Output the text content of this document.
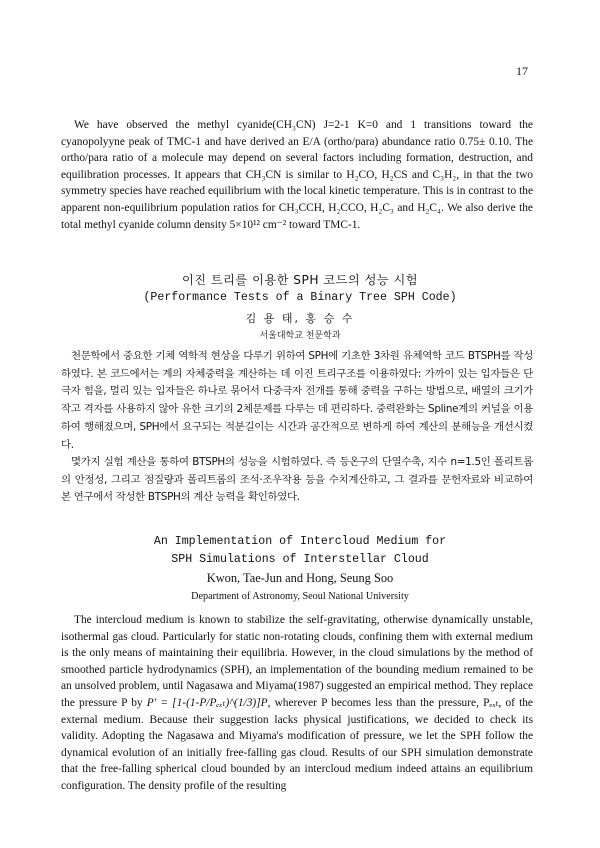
17

We have observed the methyl cyanide(CH₃CN) J=2-1 K=0 and 1 transitions toward the cyanopolyyne peak of TMC-1 and have derived an E/A (ortho/para) abundance ratio 0.75± 0.10. The ortho/para ratio of a molecule may depend on several factors including formation, destruction, and equilibration processes. It appears that CH₃CN is similar to H₂CO, H₂CS and C₃H₂, in that the two symmetry species have reached equilibrium with the local kinetic temperature. This is in contrast to the apparent non-equilibrium population ratios for CH₃CCH, H₂CCO, H₂C₃ and H₂C₄. We also derive the total methyl cyanide column density 5×10¹² cm⁻² toward TMC-1.

이진 트리를 이용한 SPH 코드의 성능 시험
(Performance Tests of a Binary Tree SPH Code)
김 용 태, 홍 승 수
서울대학교 천문학과

천문학에서 중요한 기체 역학적 현상을 다루기 위하여 SPH에 기초한 3차원 유체역학 코드 BTSPH를 작성하였다. 본 코드에서는 계의 자체중력을 계산하는 데 이진 트리구조를 이용하였다: 가까이 있는 입자들은 단극자 힘을, 멀리 있는 입자들은 하나로 묶어서 다중극자 전개를 통해 중력을 구하는 방법으로, 배열의 크기가 작고 격자를 사용하지 않아 유한 크기의 2체문제를 다루는 데 편리하다. 중력완화는 Spline계의 커널을 이용하여 행해졌으며, SPH에서 요구되는 적분길이는 시간과 공간적으로 변하게 하여 계산의 분해능을 개선시켰다.

몇가지 실험 계산을 통하여 BTSPH의 성능을 시험하였다. 즉 등온구의 단열수축, 지수 n=1.5인 폴리트롭의 안정성, 그리고 점질량과 폴리트롭의 조석·조우작용 등을 수치계산하고, 그 결과를 문헌자료와 비교하여 본 연구에서 작성한 BTSPH의 계산 능력을 확인하였다.

An Implementation of Intercloud Medium for
SPH Simulations of Interstellar Cloud
Kwon, Tae-Jun and Hong, Seung Soo
Department of Astronomy, Seoul National University

The intercloud medium is known to stabilize the self-gravitating, otherwise dynamically unstable, isothermal gas cloud. Particularly for static non-rotating clouds, confining them with external medium is the only means of maintaining their equilibria. However, in the cloud simulations by the method of smoothed particle hydrodynamics (SPH), an implementation of the bounding medium remained to be an unsolved problem, until Nagasawa and Miyama(1987) suggested an empirical method. They replace the pressure P by P′ = [1-(1-P/Pₑₓₜ)^(1/3)]P, wherever P becomes less than the pressure, Pₑₓₜ, of the external medium. Because their suggestion lacks physical justifications, we decided to check its validity. Adopting the Nagasawa and Miyama's modification of pressure, we let the SPH follow the dynamical evolution of an initially free-falling gas cloud. Results of our SPH simulation demonstrate that the free-falling spherical cloud bounded by an intercloud medium indeed attains an equilibrium configuration. The density profile of the resulting
